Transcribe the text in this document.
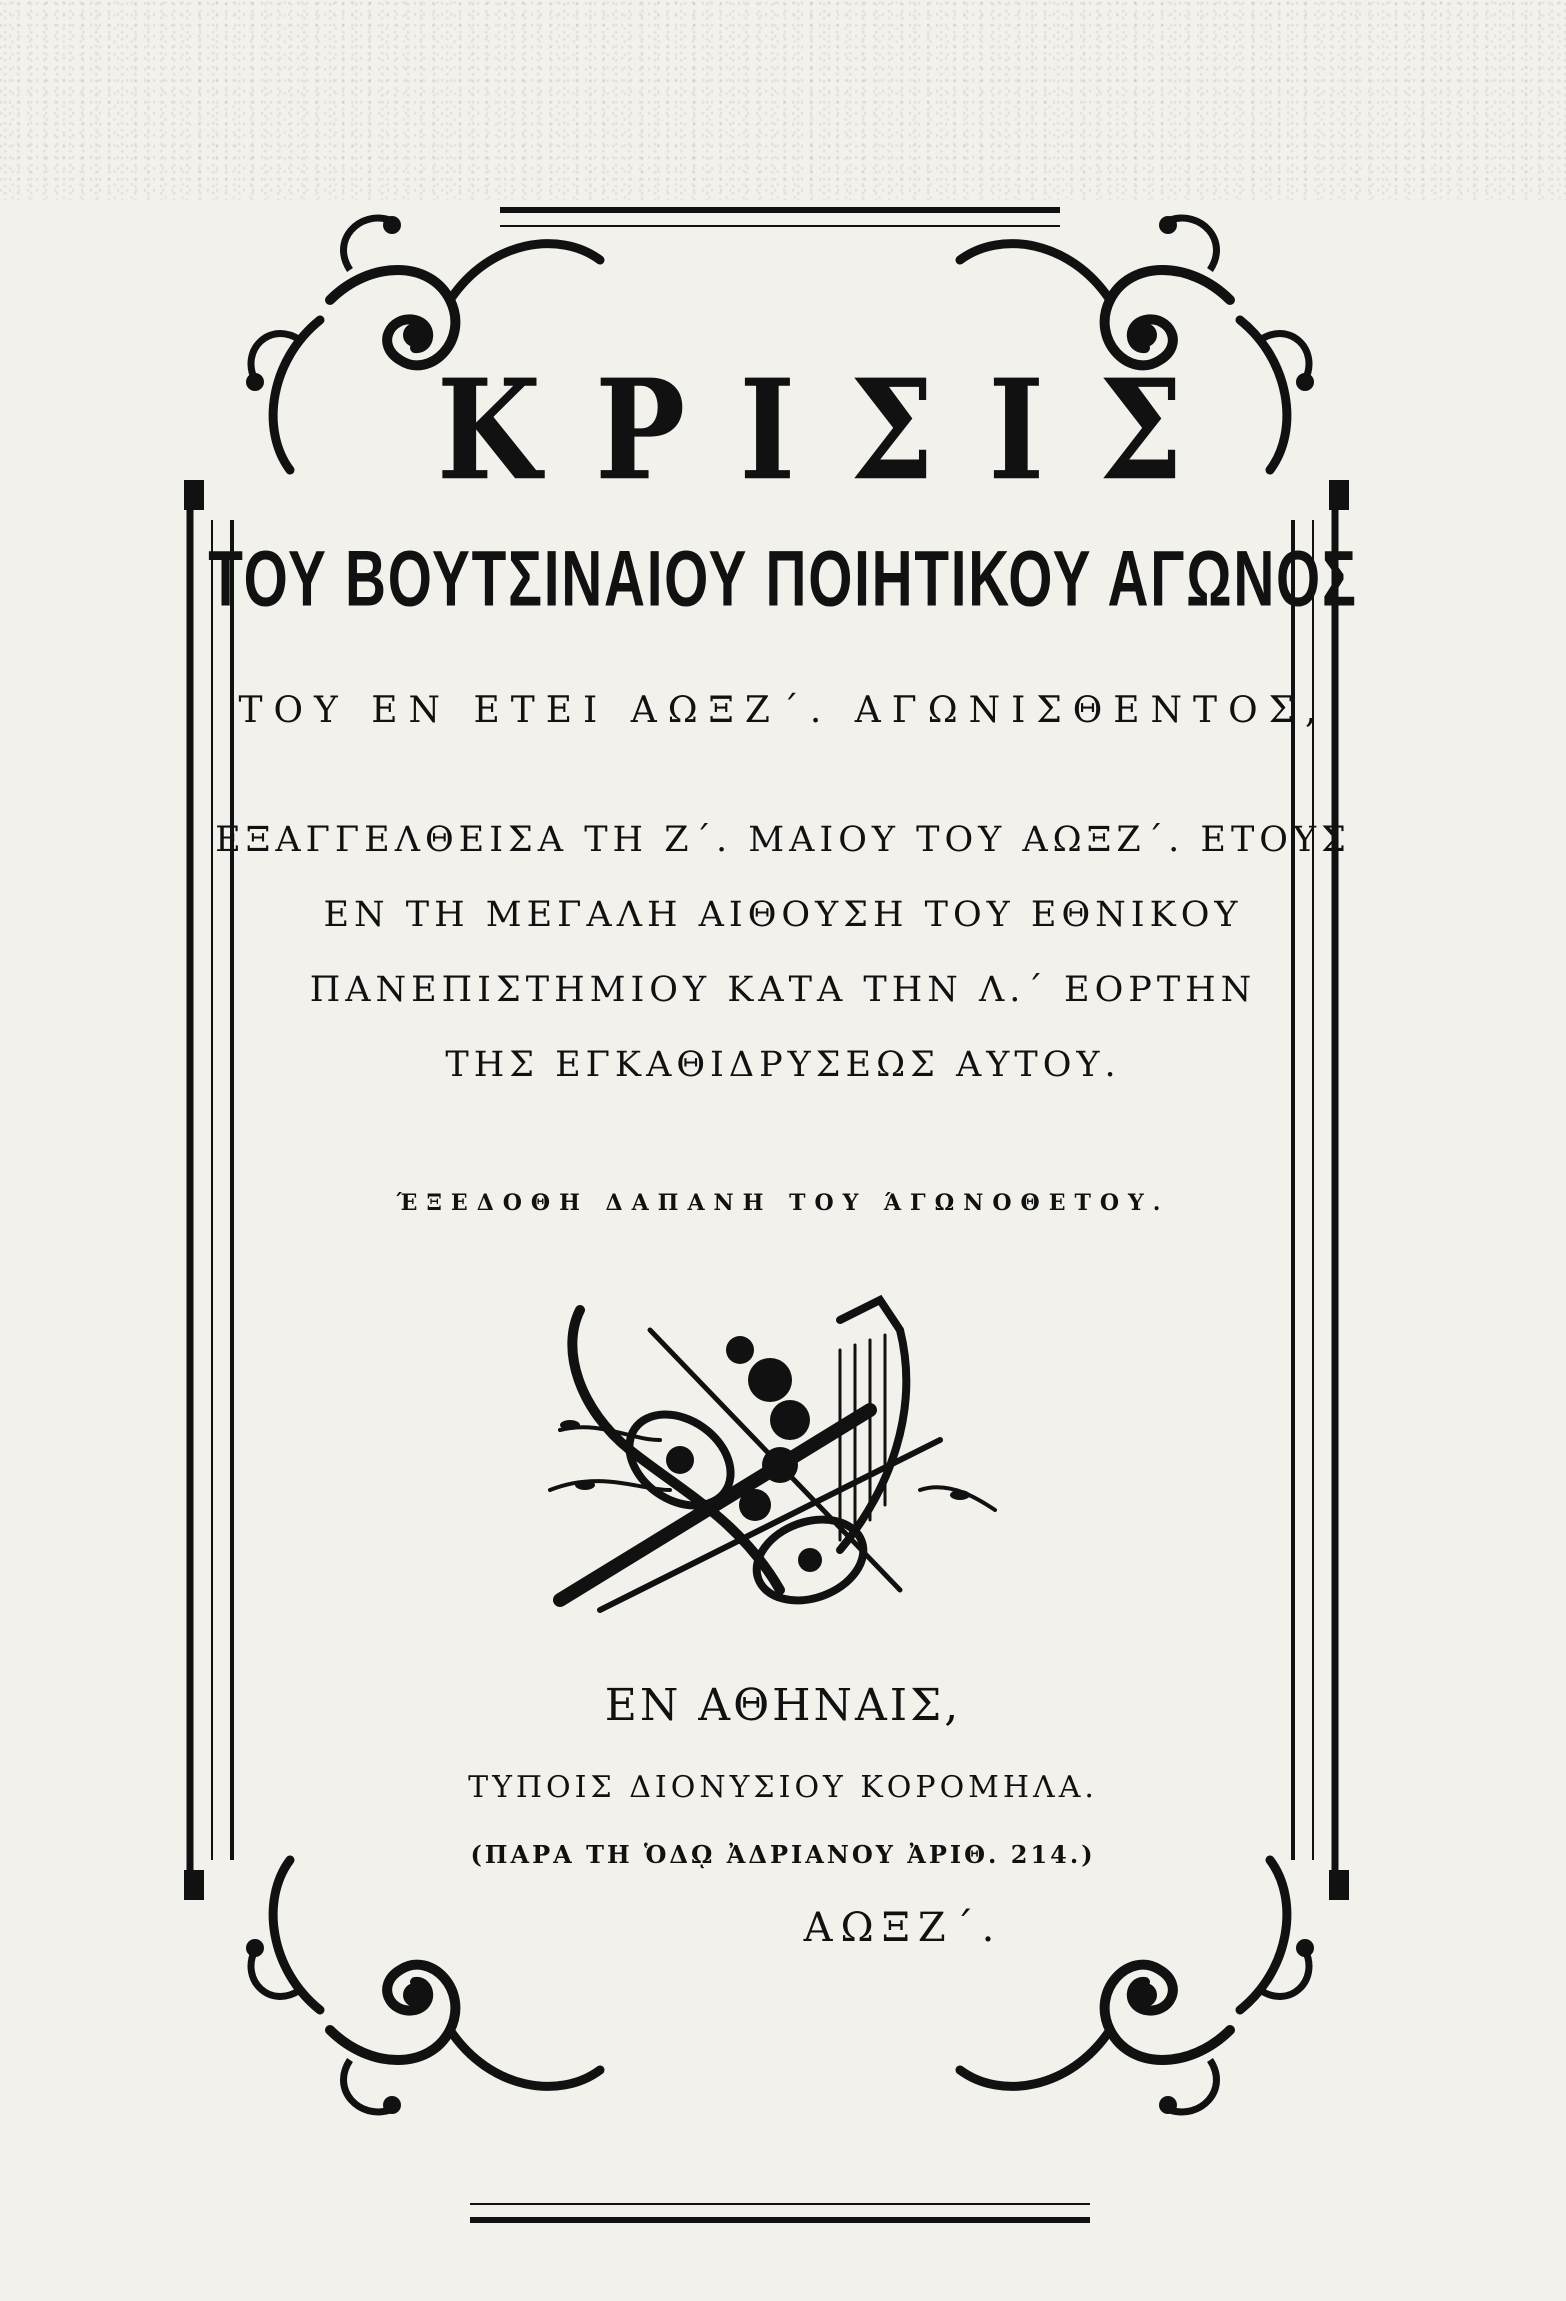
ΚΡΙΣΙΣ
ΤΟΥ ΒΟΥΤΣΙΝΑΙΟΥ ΠΟΙΗΤΙΚΟΥ ΑΓΩΝΟΣ
ΤΟΥ ΕΝ ΕΤΕΙ ΑΩΞΖ΄. ΑΓΩΝΙΣΘΕΝΤΟΣ,
ΕΞΑΓΓΕΛΘΕΙΣΑ ΤΗ Ζ΄. ΜΑΙΟΥ ΤΟΥ ΑΩΞΖ΄. ΕΤΟΥΣ
ΕΝ ΤΗ ΜΕΓΑΛΗ ΑΙΘΟΥΣΗ ΤΟΥ ΕΘΝΙΚΟΥ
ΠΑΝΕΠΙΣΤΗΜΙΟΥ ΚΑΤΑ ΤΗΝ Λ.΄ ΕΟΡΤΗΝ
ΤΗΣ ΕΓΚΑΘΙΔΡΥΣΕΩΣ ΑΥΤΟΥ.
ΈΞΕΔΟΘΗ ΔΑΠΑΝΗ ΤΟΥ ΆΓΩΝΟΘΕΤΟΥ.
ΕΝ ΑΘΗΝΑΙΣ,
ΤΥΠΟΙΣ ΔΙΟΝΥΣΙΟΥ ΚΟΡΟΜΗΛΑ.
(ΠΑΡΑ ΤΗ ὉΔῼ ἈΔΡΙΑΝΟΥ ἈΡΙΘ. 214.)
ΑΩΞΖ΄.
